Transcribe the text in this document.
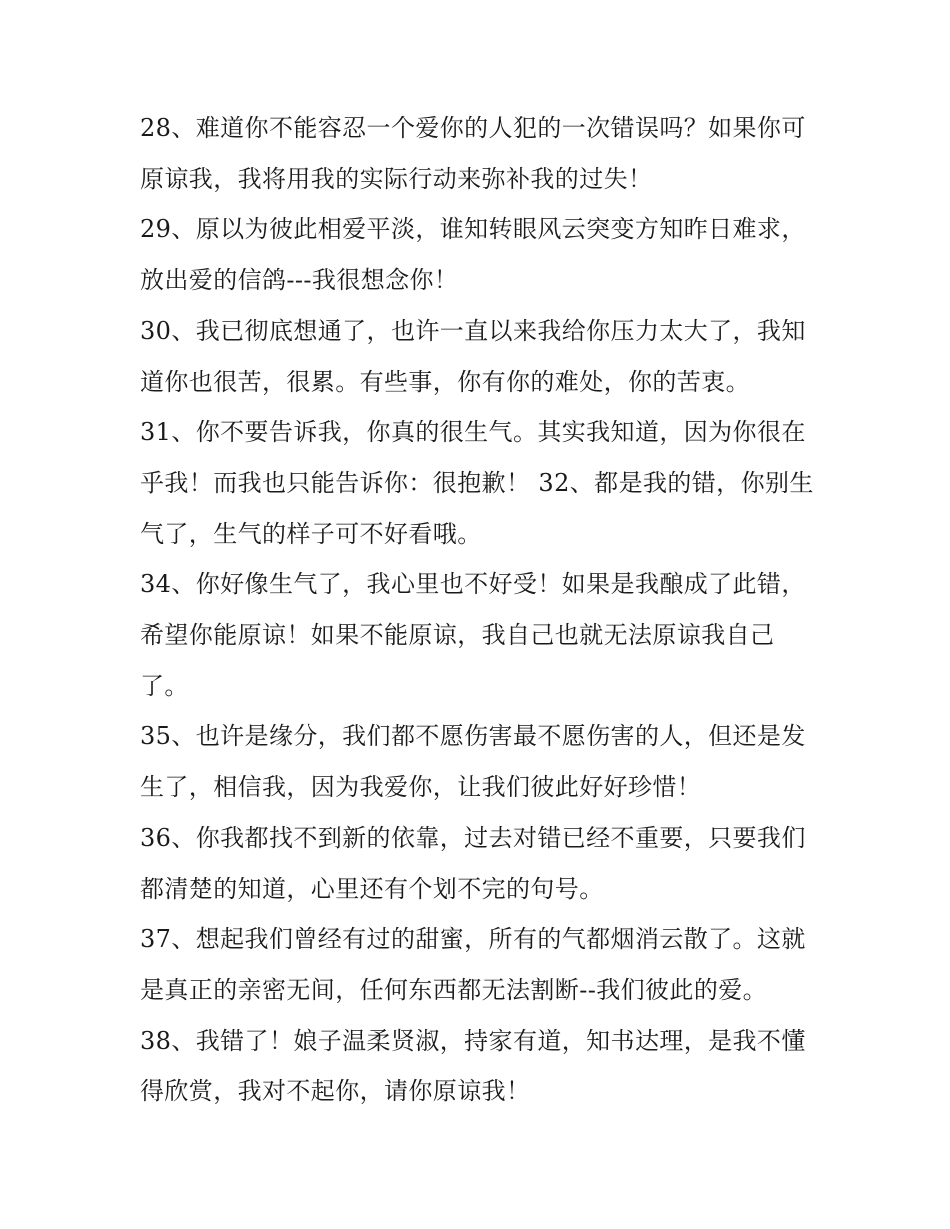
28、难道你不能容忍一个爱你的人犯的一次错误吗？如果你可原谅我，我将用我的实际行动来弥补我的过失！

29、原以为彼此相爱平淡，谁知转眼风云突变方知昨日难求，放出爱的信鸽---我很想念你！

30、我已彻底想通了，也许一直以来我给你压力太大了，我知道你也很苦，很累。有些事，你有你的难处，你的苦衷。

31、你不要告诉我，你真的很生气。其实我知道，因为你很在乎我！而我也只能告诉你：很抱歉！ 32、都是我的错，你别生气了，生气的样子可不好看哦。

34、你好像生气了，我心里也不好受！如果是我酿成了此错，希望你能原谅！如果不能原谅，我自己也就无法原谅我自己了。

35、也许是缘分，我们都不愿伤害最不愿伤害的人，但还是发生了，相信我，因为我爱你，让我们彼此好好珍惜！

36、你我都找不到新的依靠，过去对错已经不重要，只要我们都清楚的知道，心里还有个划不完的句号。

37、想起我们曾经有过的甜蜜，所有的气都烟消云散了。这就是真正的亲密无间，任何东西都无法割断--我们彼此的爱。

38、我错了！娘子温柔贤淑，持家有道，知书达理，是我不懂得欣赏，我对不起你，请你原谅我！
